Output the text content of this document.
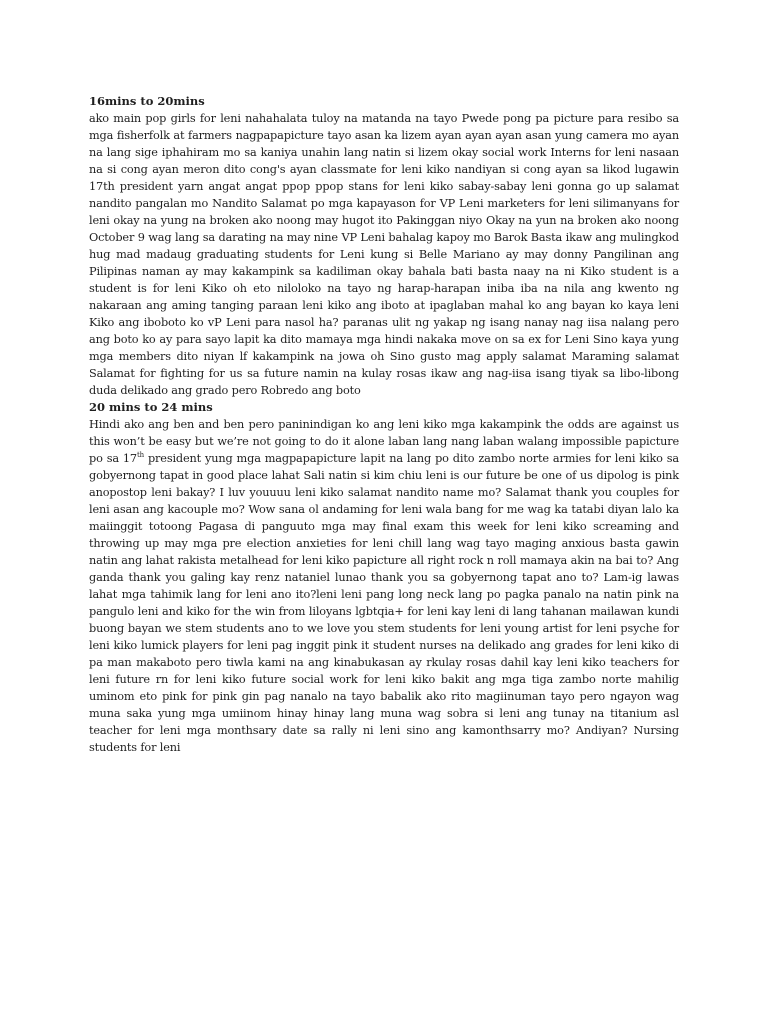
16mins to 20mins

ako main pop girls for leni nahahalata tuloy na matanda na tayo Pwede pong pa picture para resibo sa mga fisherfolk at farmers nagpapapicture tayo asan ka lizem ayan ayan ayan asan yung camera mo ayan na lang sige iphahiram mo sa kaniya unahin lang natin si lizem okay social work Interns for leni nasaan na si cong ayan meron dito cong's ayan classmate for leni kiko nandiyan si cong ayan sa likod lugawin 17th president yarn angat angat ppop ppop stans for leni kiko sabay-sabay leni gonna go up salamat nandito pangalan mo Nandito Salamat po mga kapayason for VP Leni marketers for leni silimanyans for leni okay na yung na broken ako noong may hugot ito Pakinggan niyo Okay na yun na broken ako noong October 9 wag lang sa darating na may nine VP Leni bahalag kapoy mo Barok Basta ikaw ang mulingkod hug mad madaug graduating students for Leni kung si Belle Mariano ay may donny Pangilinan ang Pilipinas naman ay may kakampink sa kadiliman okay bahala bati basta naay na ni Kiko student is a student is for leni Kiko oh eto niloloko na tayo ng harap-harapan iniba iba na nila ang kwento ng nakaraan ang aming tanging paraan leni kiko ang iboto at ipaglaban mahal ko ang bayan ko kaya leni Kiko ang iboboto ko vP Leni para nasol ha? paranas ulit ng yakap ng isang nanay nag iisa nalang pero ang boto ko ay para sayo lapit ka dito mamaya mga hindi nakaka move on sa ex for Leni Sino kaya yung mga members dito niyan lf kakampink na jowa oh Sino gusto mag apply salamat Maraming salamat Salamat for fighting for us sa future namin na kulay rosas ikaw ang nag-iisa isang tiyak sa libo-libong duda delikado ang grado pero Robredo ang boto

20 mins to 24 mins

Hindi ako ang ben and ben pero paninindigan ko ang leni kiko mga kakampink the odds are against us this won’t be easy but we’re not going to do it alone laban lang nang laban walang impossible papicture po sa 17th president yung mga magpapapicture lapit na lang po dito zambo norte armies for leni kiko sa gobyernong tapat in good place lahat Sali natin si kim chiu leni is our future be one of us dipolog is pink anopostop leni bakay? I luv youuuu leni kiko salamat nandito name mo? Salamat thank you couples for leni asan ang kacouple mo? Wow sana ol andaming for leni wala bang for me wag ka tatabi diyan lalo ka maiinggit totoong Pagasa di panguuto mga may final exam this week for leni kiko screaming and throwing up may mga pre election anxieties for leni chill lang wag tayo maging anxious basta gawin natin ang lahat rakista metalhead for leni kiko papicture all right rock n roll mamaya akin na bai to? Ang ganda thank you galing kay renz nataniel lunao thank you sa gobyernong tapat ano to? Lam-ig lawas lahat mga tahimik lang for leni ano ito?leni leni pang long neck lang po pagka panalo na natin pink na pangulo leni and kiko for the win from liloyans lgbtqia+ for leni kay leni di lang tahanan mailawan kundi buong bayan we stem students ano to we love you stem students for leni young artist for leni psyche for leni kiko lumick players for leni pag inggit pink it student nurses na delikado ang grades for leni kiko di pa man makaboto pero tiwla kami na ang kinabukasan ay rkulay rosas dahil kay leni kiko teachers for leni future rn for leni kiko future social work for leni kiko bakit ang mga tiga zambo norte mahilig uminom eto pink for pink gin pag nanalo na tayo babalik ako rito magiinuman tayo pero ngayon wag muna saka yung mga umiinom hinay hinay lang muna wag sobra si leni ang tunay na titanium asl teacher for leni mga monthsary date sa rally ni leni sino ang kamonthsarry mo? Andiyan? Nursing students for leni
